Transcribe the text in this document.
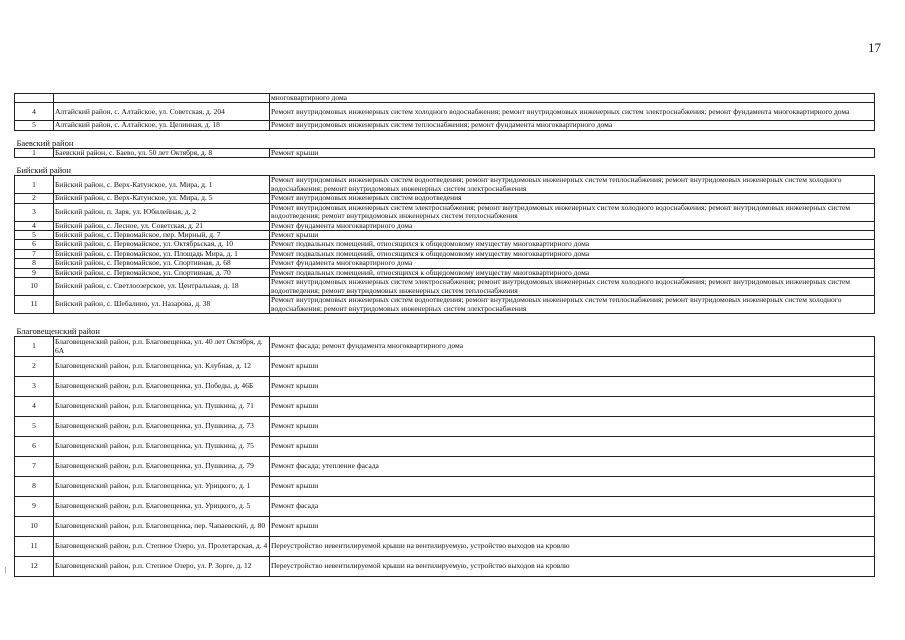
17
|
		многоквартирного дома
4	Алтайский район, с. Алтайское, ул. Советская, д. 204	Ремонт внутридомовых инженерных систем холодного водоснабжения; ремонт внутридомовых инженерных систем электроснабжения; ремонт фундамента многоквартирного дома
5	Алтайский район, с. Алтайское, ул. Целинная, д. 18	Ремонт внутридомовых инженерных систем теплоснабжения; ремонт фундамента многоквартирного дома
Баевский район		
1	Баевский район, с. Баево, ул. 50 лет Октября, д. 8	Ремонт крыши
Бийский район		
1	Бийский район, с. Верх-Катунское, ул. Мира, д. 1	Ремонт внутридомовых инженерных систем водоотведения; ремонт внутридомовых инженерных систем теплоснабжения; ремонт внутридомовых инженерных систем холодного водоснабжения; ремонт внутридомовых инженерных систем электроснабжения
2	Бийский район, с. Верх-Катунское, ул. Мира, д. 5	Ремонт внутридомовых инженерных систем водоотведения
3	Бийский район, п. Заря, ул. Юбилейная, д. 2	Ремонт внутридомовых инженерных систем электроснабжения; ремонт внутридомовых инженерных систем холодного водоснабжения; ремонт внутридомовых инженерных систем водоотведения; ремонт внутридомовых инженерных систем теплоснабжения
4	Бийский район, с. Лесное, ул. Советская, д. 21	Ремонт фундамента многоквартирного дома
5	Бийский район, с. Первомайское, пер. Мирный, д. 7	Ремонт крыши
6	Бийский район, с. Первомайское, ул. Октябрьская, д. 10	Ремонт подвальных помещений, относящихся к общедомовому имуществу многоквартирного дома
7	Бийский район, с. Первомайское, ул. Площадь Мира, д. 1	Ремонт подвальных помещений, относящихся к общедомовому имуществу многоквартирного дома
8	Бийский район, с. Первомайское, ул. Спортивная, д. 68	Ремонт фундамента многоквартирного дома
9	Бийский район, с. Первомайское, ул. Спортивная, д. 70	Ремонт подвальных помещений, относящихся к общедомовому имуществу многоквартирного дома
10	Бийский район, с. Светлоозерское, ул. Центральная, д. 18	Ремонт внутридомовых инженерных систем электроснабжения; ремонт внутридомовых инженерных систем холодного водоснабжения; ремонт внутридомовых инженерных систем водоотведения; ремонт внутридомовых инженерных систем теплоснабжения
11	Бийский район, с. Шебалино, ул. Назарова, д. 38	Ремонт внутридомовых инженерных систем водоотведения; ремонт внутридомовых инженерных систем теплоснабжения; ремонт внутридомовых инженерных систем холодного водоснабжения; ремонт внутридомовых инженерных систем электроснабжения
Благовещенский район		
1	Благовещенский район, р.п. Благовещенка, ул. 40 лет Октября, д. 6А	Ремонт фасада; ремонт фундамента многоквартирного дома
2	Благовещенский район, р.п. Благовещенка, ул. Клубная, д. 12	Ремонт крыши
3	Благовещенский район, р.п. Благовещенка, ул. Победы, д. 46Б	Ремонт крыши
4	Благовещенский район, р.п. Благовещенка, ул. Пушкина, д. 71	Ремонт крыши
5	Благовещенский район, р.п. Благовещенка, ул. Пушкина, д. 73	Ремонт крыши
6	Благовещенский район, р.п. Благовещенка, ул. Пушкина, д. 75	Ремонт крыши
7	Благовещенский район, р.п. Благовещенка, ул. Пушкина, д. 79	Ремонт фасада; утепление фасада
8	Благовещенский район, р.п. Благовещенка, ул. Урицкого, д. 1	Ремонт крыши
9	Благовещенский район, р.п. Благовещенка, ул. Урицкого, д. 5	Ремонт фасада
10	Благовещенский район, р.п. Благовещенка, пер. Чапаевский, д. 80	Ремонт крыши
11	Благовещенский район, р.п. Степное Озеро, ул. Пролетарская, д. 4	Переустройство невентилируемой крыши на вентилируемую, устройство выходов на кровлю
12	Благовещенский район, р.п. Степное Озеро, ул. Р. Зорге, д. 12	Переустройство невентилируемой крыши на вентилируемую, устройство выходов на кровлю
